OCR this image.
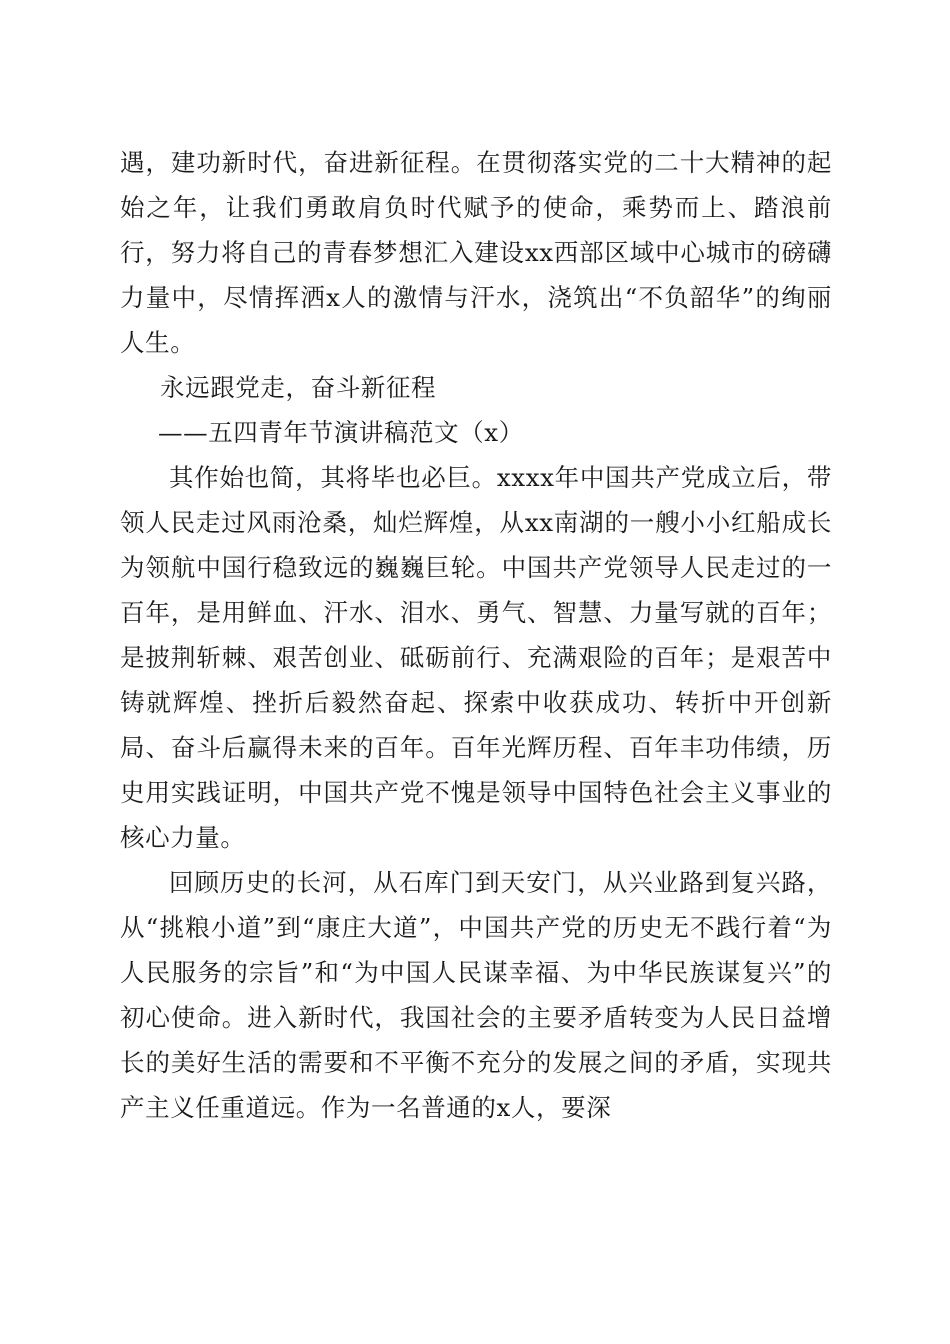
遇，建功新时代，奋进新征程。在贯彻落实党的二十大精神的起始之年，让我们勇敢肩负时代赋予的使命，乘势而上、踏浪前行，努力将自己的青春梦想汇入建设xx西部区域中心城市的磅礴力量中，尽情挥洒x人的激情与汗水，浇筑出“不负韶华”的绚丽人生。

永远跟党走，奋斗新征程

——五四青年节演讲稿范文（x）

其作始也简，其将毕也必巨。xxxx年中国共产党成立后，带领人民走过风雨沧桑，灿烂辉煌，从xx南湖的一艘小小红船成长为领航中国行稳致远的巍巍巨轮。中国共产党领导人民走过的一百年，是用鲜血、汗水、泪水、勇气、智慧、力量写就的百年；是披荆斩棘、艰苦创业、砥砺前行、充满艰险的百年；是艰苦中铸就辉煌、挫折后毅然奋起、探索中收获成功、转折中开创新局、奋斗后赢得未来的百年。百年光辉历程、百年丰功伟绩，历史用实践证明，中国共产党不愧是领导中国特色社会主义事业的核心力量。

回顾历史的长河，从石库门到天安门，从兴业路到复兴路，从“挑粮小道”到“康庄大道”，中国共产党的历史无不践行着“为人民服务的宗旨”和“为中国人民谋幸福、为中华民族谋复兴”的初心使命。进入新时代，我国社会的主要矛盾转变为人民日益增长的美好生活的需要和不平衡不充分的发展之间的矛盾，实现共产主义任重道远。作为一名普通的x人，要深
